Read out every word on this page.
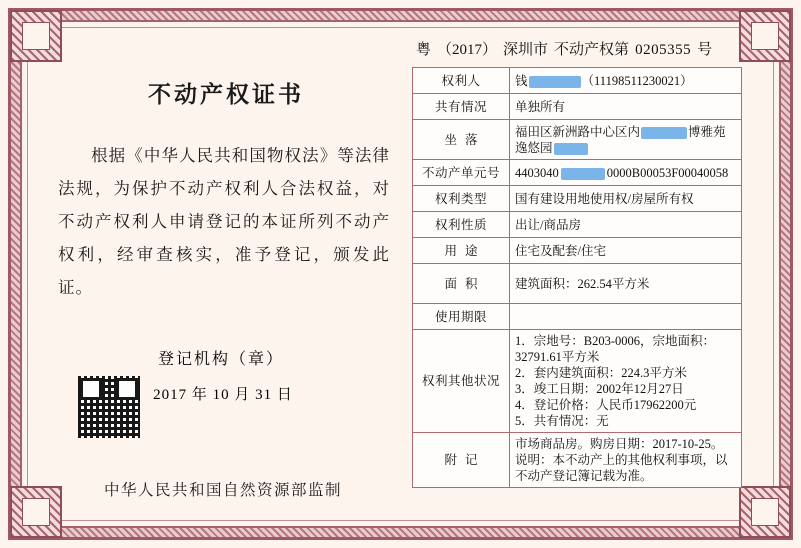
不动产权证书
根据《中华人民共和国物权法》等法律法规，为保护不动产权利人合法权益，对不动产权利人申请登记的本证所列不动产权利，经审查核实，准予登记，颁发此证。
登记机构（章）
2017 年 10 月 31 日
中华人民共和国自然资源部监制
粤 （2017） 深圳市 不动产权第 0205355 号
权利人	钱 （11198511230021）
共有情况	单独所有
坐落	福田区新洲路中心区内 博雅苑逸悠园
不动产单元号	4403040 0000B00053F00040058
权利类型	国有建设用地使用权/房屋所有权
权利性质	出让/商品房
用途	住宅及配套/住宅
面积	建筑面积：262.54平方米
使用期限	
权利其他状况	1．宗地号：B203-0006，宗地面积：32791.61平方米
2．套内建筑面积：224.3平方米
3．竣工日期：2002年12月27日
4．登记价格：人民币17962200元
5．共有情况：无

附记	市场商品房。购房日期：2017-10-25。
说明：本不动产上的其他权利事项，以不动产登记簿记载为准。
